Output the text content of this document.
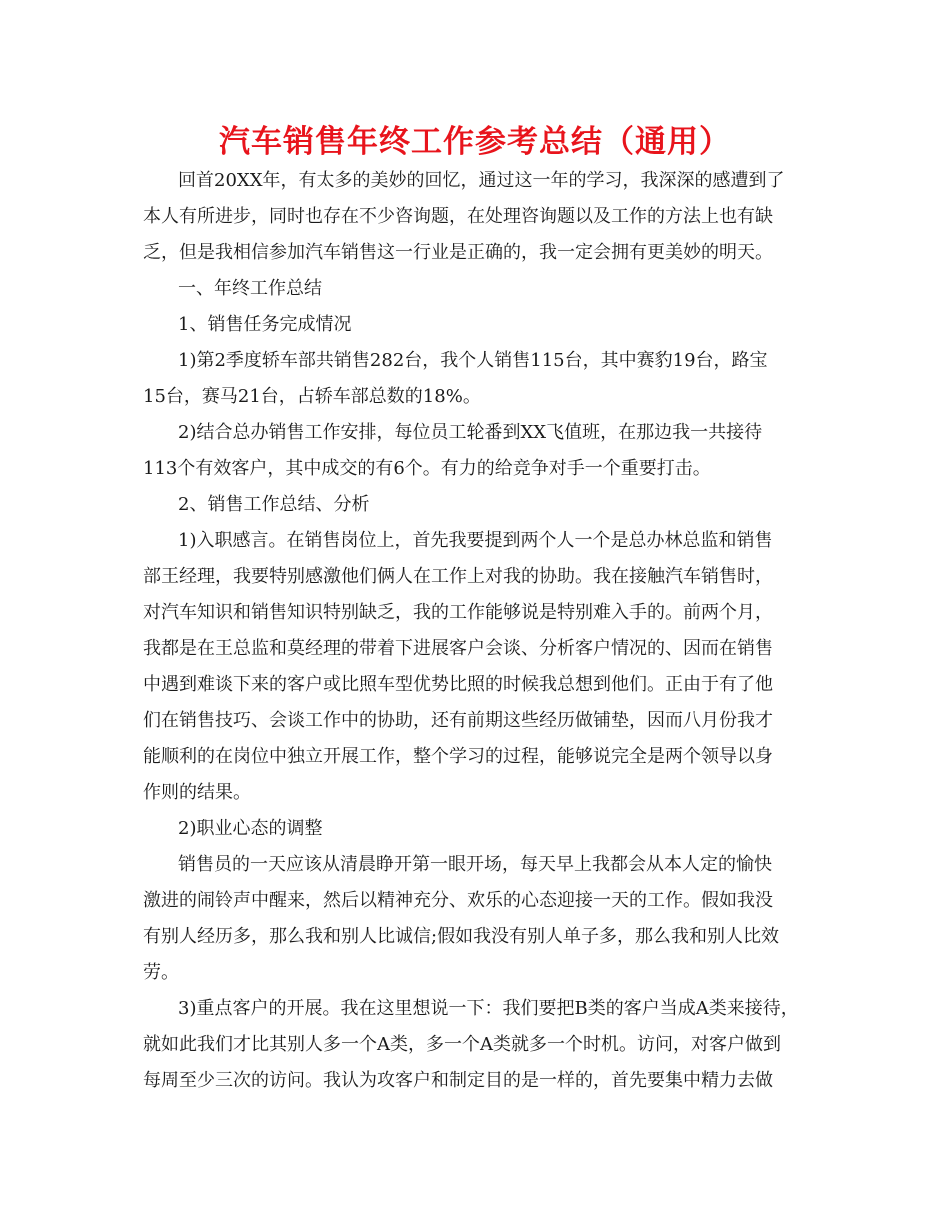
汽车销售年终工作参考总结（通用）
回首20XX年，有太多的美妙的回忆，通过这一年的学习，我深深的感遭到了
本人有所进步，同时也存在不少咨询题，在处理咨询题以及工作的方法上也有缺
乏，但是我相信参加汽车销售这一行业是正确的，我一定会拥有更美妙的明天。
一、年终工作总结
1、销售任务完成情况
1)第2季度轿车部共销售282台，我个人销售115台，其中赛豹19台，路宝
15台，赛马21台，占轿车部总数的18%。
2)结合总办销售工作安排，每位员工轮番到XX飞值班，在那边我一共接待
113个有效客户，其中成交的有6个。有力的给竞争对手一个重要打击。
2、销售工作总结、分析
1)入职感言。在销售岗位上，首先我要提到两个人一个是总办林总监和销售
部王经理，我要特别感激他们俩人在工作上对我的协助。我在接触汽车销售时，
对汽车知识和销售知识特别缺乏，我的工作能够说是特别难入手的。前两个月，
我都是在王总监和莫经理的带着下进展客户会谈、分析客户情况的、因而在销售
中遇到难谈下来的客户或比照车型优势比照的时候我总想到他们。正由于有了他
们在销售技巧、会谈工作中的协助，还有前期这些经历做铺垫，因而八月份我才
能顺利的在岗位中独立开展工作，整个学习的过程，能够说完全是两个领导以身
作则的结果。
2)职业心态的调整
销售员的一天应该从清晨睁开第一眼开场，每天早上我都会从本人定的愉快
激进的闹铃声中醒来，然后以精神充分、欢乐的心态迎接一天的工作。假如我没
有别人经历多，那么我和别人比诚信;假如我没有别人单子多，那么我和别人比效
劳。
3)重点客户的开展。我在这里想说一下：我们要把B类的客户当成A类来接待，
就如此我们才比其别人多一个A类，多一个A类就多一个时机。访问，对客户做到
每周至少三次的访问。我认为攻客户和制定目的是一样的，首先要集中精力去做
